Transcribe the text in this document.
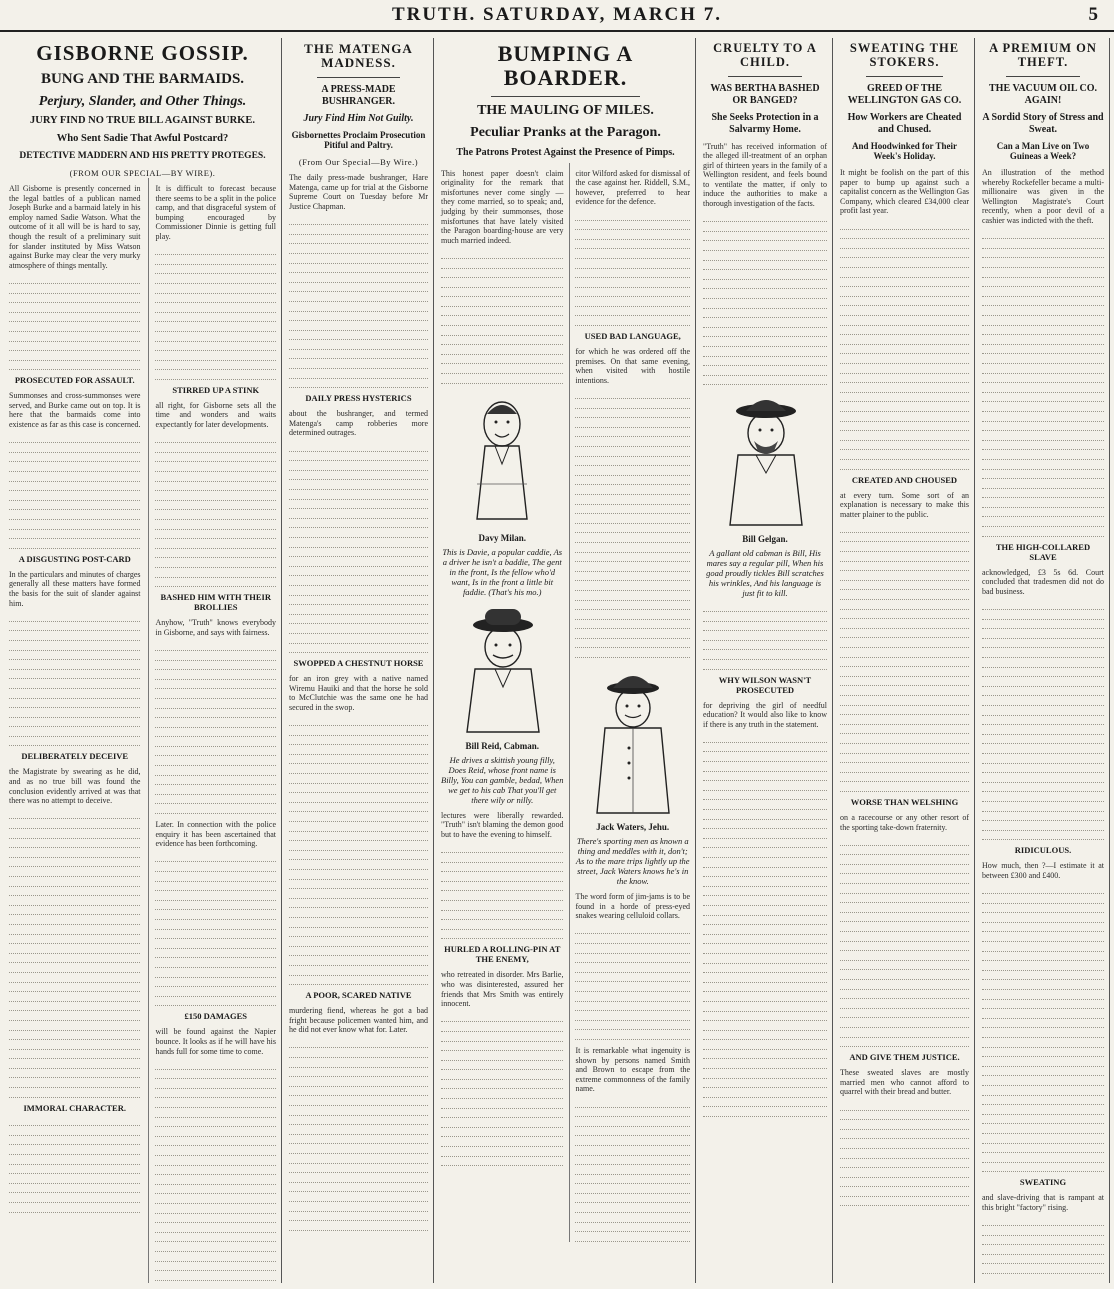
TRUTH. SATURDAY, MARCH 7.	5
GISBORNE GOSSIP.
BUNG AND THE BARMAIDS.
Perjury, Slander, and Other Things.
JURY FIND NO TRUE BILL AGAINST BURKE.
Who Sent Sadie That Awful Postcard?
DETECTIVE MADDERN AND HIS PRETTY PROTEGES.
(FROM OUR SPECIAL—BY WIRE).
All Gisborne is presently concerned in the legal battles of a publican named Joseph Burke and a barmaid lately in his employ named Sadie Watson. What the outcome of it all will be is hard to say, though the result of a preliminary suit for slander instituted by Miss Watson against Burke may clear the very murky atmosphere of things mentally.
PROSECUTED FOR ASSAULT.
Summonses and cross-summonses were served, and Burke came out on top. It is here that the barmaids come into existence as far as this case is concerned.
A DISGUSTING POST-CARD
In the particulars and minutes of charges generally all these matters have formed the basis for the suit of slander against him.
DELIBERATELY DECEIVE
the Magistrate by swearing as he did, and as no true bill was found the conclusion evidently arrived at was that there was no attempt to deceive.
IMMORAL CHARACTER.
It is difficult to forecast because there seems to be a split in the police camp, and that disgraceful system of bumping encouraged by Commissioner Dinnie is getting full play.
STIRRED UP A STINK
all right, for Gisborne sets all the time and wonders and waits expectantly for later developments.
BASHED HIM WITH THEIR BROLLIES
Anyhow, "Truth" knows everybody in Gisborne, and says with fairness.
Later. In connection with the police enquiry it has been ascertained that evidence has been forthcoming.
£150 DAMAGES
will be found against the Napier bounce. It looks as if he will have his hands full for some time to come.
THE MATENGA MADNESS.
A PRESS-MADE BUSHRANGER.
Jury Find Him Not Guilty.
Gisbornettes Proclaim Prosecution Pitiful and Paltry.
(From Our Special—By Wire.)
The daily press-made bushranger, Hare Matenga, came up for trial at the Gisborne Supreme Court on Tuesday before Mr Justice Chapman.
DAILY PRESS HYSTERICS
about the bushranger, and termed Matenga's camp robberies more determined outrages.
SWOPPED A CHESTNUT HORSE
for an iron grey with a native named Wiremu Hauiki and that the horse he sold to McClutchie was the same one he had secured in the swop.
A POOR, SCARED NATIVE
murdering fiend, whereas he got a bad fright because policemen wanted him, and he did not ever know what for. Later.
BUMPING A BOARDER.
THE MAULING OF MILES.
Peculiar Pranks at the Paragon.
The Patrons Protest Against the Presence of Pimps.
This honest paper doesn't claim originality for the remark that misfortunes never come singly — they come married, so to speak; and, judging by their summonses, those misfortunes that have lately visited the Paragon boarding-house are very much married indeed.
Davy Milan.
This is Davie, a popular caddie, As a driver he isn't a baddie, The gent in the front, Is the fellow who'd want, Is in the front a little bit faddie. (That's his mo.)
Bill Reid, Cabman.
He drives a skittish young filly, Does Reid, whose front name is Billy, You can gamble, bedad, When we get to his cab That you'll get there wily or nilly.
lectures were liberally rewarded. "Truth" isn't blaming the demon good but to have the evening to himself.
HURLED A ROLLING-PIN AT THE ENEMY,
who retreated in disorder. Mrs Barlie, who was disinterested, assured her friends that Mrs Smith was entirely innocent.
citor Wilford asked for dismissal of the case against her. Riddell, S.M., however, preferred to hear evidence for the defence.
USED BAD LANGUAGE,
for which he was ordered off the premises. On that same evening, when visited with hostile intentions.
Jack Waters, Jehu.
There's sporting men as known a thing and meddles with it, don't; As to the mare trips lightly up the street, Jack Waters knows he's in the know.
The word form of jim-jams is to be found in a horde of press-eyed snakes wearing celluloid collars.
It is remarkable what ingenuity is shown by persons named Smith and Brown to escape from the extreme commonness of the family name.
CRUELTY TO A CHILD.
WAS BERTHA BASHED OR BANGED?
She Seeks Protection in a Salvarmy Home.
"Truth" has received information of the alleged ill-treatment of an orphan girl of thirteen years in the family of a Wellington resident, and feels bound to ventilate the matter, if only to induce the authorities to make a thorough investigation of the facts.
Bill Gelgan.
A gallant old cabman is Bill, His mares say a regular pill, When his goad proudly tickles Bill scratches his wrinkles, And his language is just fit to kill.
WHY WILSON WASN'T PROSECUTED
for depriving the girl of needful education? It would also like to know if there is any truth in the statement.
SWEATING THE STOKERS.
GREED OF THE WELLINGTON GAS CO.
How Workers are Cheated and Chused.
And Hoodwinked for Their Week's Holiday.
It might be foolish on the part of this paper to bump up against such a capitalist concern as the Wellington Gas Company, which cleared £34,000 clear profit last year.
CREATED AND CHOUSED
at every turn. Some sort of an explanation is necessary to make this matter plainer to the public.
WORSE THAN WELSHING
on a racecourse or any other resort of the sporting take-down fraternity.
AND GIVE THEM JUSTICE.
These sweated slaves are mostly married men who cannot afford to quarrel with their bread and butter.
A PREMIUM ON THEFT.
THE VACUUM OIL CO. AGAIN!
A Sordid Story of Stress and Sweat.
Can a Man Live on Two Guineas a Week?
An illustration of the method whereby Rockefeller became a multi-millionaire was given in the Wellington Magistrate's Court recently, when a poor devil of a cashier was indicted with the theft.
THE HIGH-COLLARED SLAVE
acknowledged, £3 5s 6d. Court concluded that tradesmen did not do bad business.
RIDICULOUS.
How much, then ?—I estimate it at between £300 and £400.
SWEATING
and slave-driving that is rampant at this bright "factory" rising.
